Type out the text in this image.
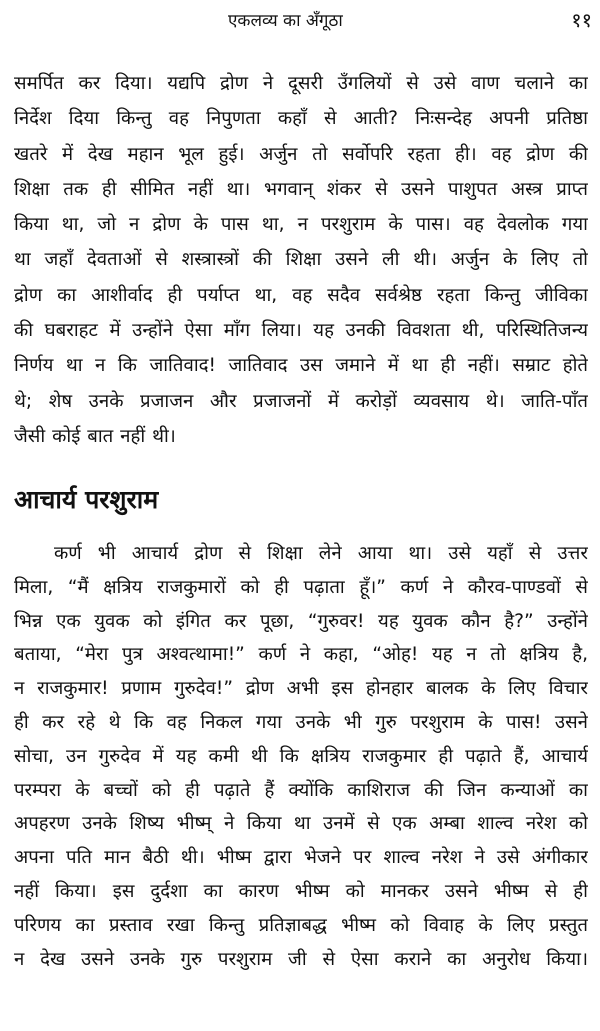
एकलव्य का अँगूठा	११
समर्पित कर दिया। यद्यपि द्रोण ने दूसरी उँगलियों से उसे वाण चलाने का
निर्देश दिया किन्तु वह निपुणता कहाँ से आती? निःसन्देह अपनी प्रतिष्ठा
खतरे में देख महान भूल हुई। अर्जुन तो सर्वोपरि रहता ही। वह द्रोण की
शिक्षा तक ही सीमित नहीं था। भगवान् शंकर से उसने पाशुपत अस्त्र प्राप्त
किया था, जो न द्रोण के पास था, न परशुराम के पास। वह देवलोक गया
था जहाँ देवताओं से शस्त्रास्त्रों की शिक्षा उसने ली थी। अर्जुन के लिए तो
द्रोण का आशीर्वाद ही पर्याप्त था, वह सदैव सर्वश्रेष्ठ रहता किन्तु जीविका
की घबराहट में उन्होंने ऐसा माँग लिया। यह उनकी विवशता थी, परिस्थितिजन्य
निर्णय था न कि जातिवाद! जातिवाद उस जमाने में था ही नहीं। सम्राट होते
थे; शेष उनके प्रजाजन और प्रजाजनों में करोड़ों व्यवसाय थे। जाति-पाँत
जैसी कोई बात नहीं थी।
आचार्य परशुराम
कर्ण भी आचार्य द्रोण से शिक्षा लेने आया था। उसे यहाँ से उत्तर
मिला, “मैं क्षत्रिय राजकुमारों को ही पढ़ाता हूँ।” कर्ण ने कौरव-पाण्डवों से
भिन्न एक युवक को इंगित कर पूछा, “गुरुवर! यह युवक कौन है?” उन्होंने
बताया, “मेरा पुत्र अश्वत्थामा!” कर्ण ने कहा, “ओह! यह न तो क्षत्रिय है,
न राजकुमार! प्रणाम गुरुदेव!” द्रोण अभी इस होनहार बालक के लिए विचार
ही कर रहे थे कि वह निकल गया उनके भी गुरु परशुराम के पास! उसने
सोचा, उन गुरुदेव में यह कमी थी कि क्षत्रिय राजकुमार ही पढ़ाते हैं, आचार्य
परम्परा के बच्चों को ही पढ़ाते हैं क्योंकि काशिराज की जिन कन्याओं का
अपहरण उनके शिष्य भीष्म् ने किया था उनमें से एक अम्बा शाल्व नरेश को
अपना पति मान बैठी थी। भीष्म द्वारा भेजने पर शाल्व नरेश ने उसे अंगीकार
नहीं किया। इस दुर्दशा का कारण भीष्म को मानकर उसने भीष्म से ही
परिणय का प्रस्ताव रखा किन्तु प्रतिज्ञाबद्ध भीष्म को विवाह के लिए प्रस्तुत
न देख उसने उनके गुरु परशुराम जी से ऐसा कराने का अनुरोध किया।
